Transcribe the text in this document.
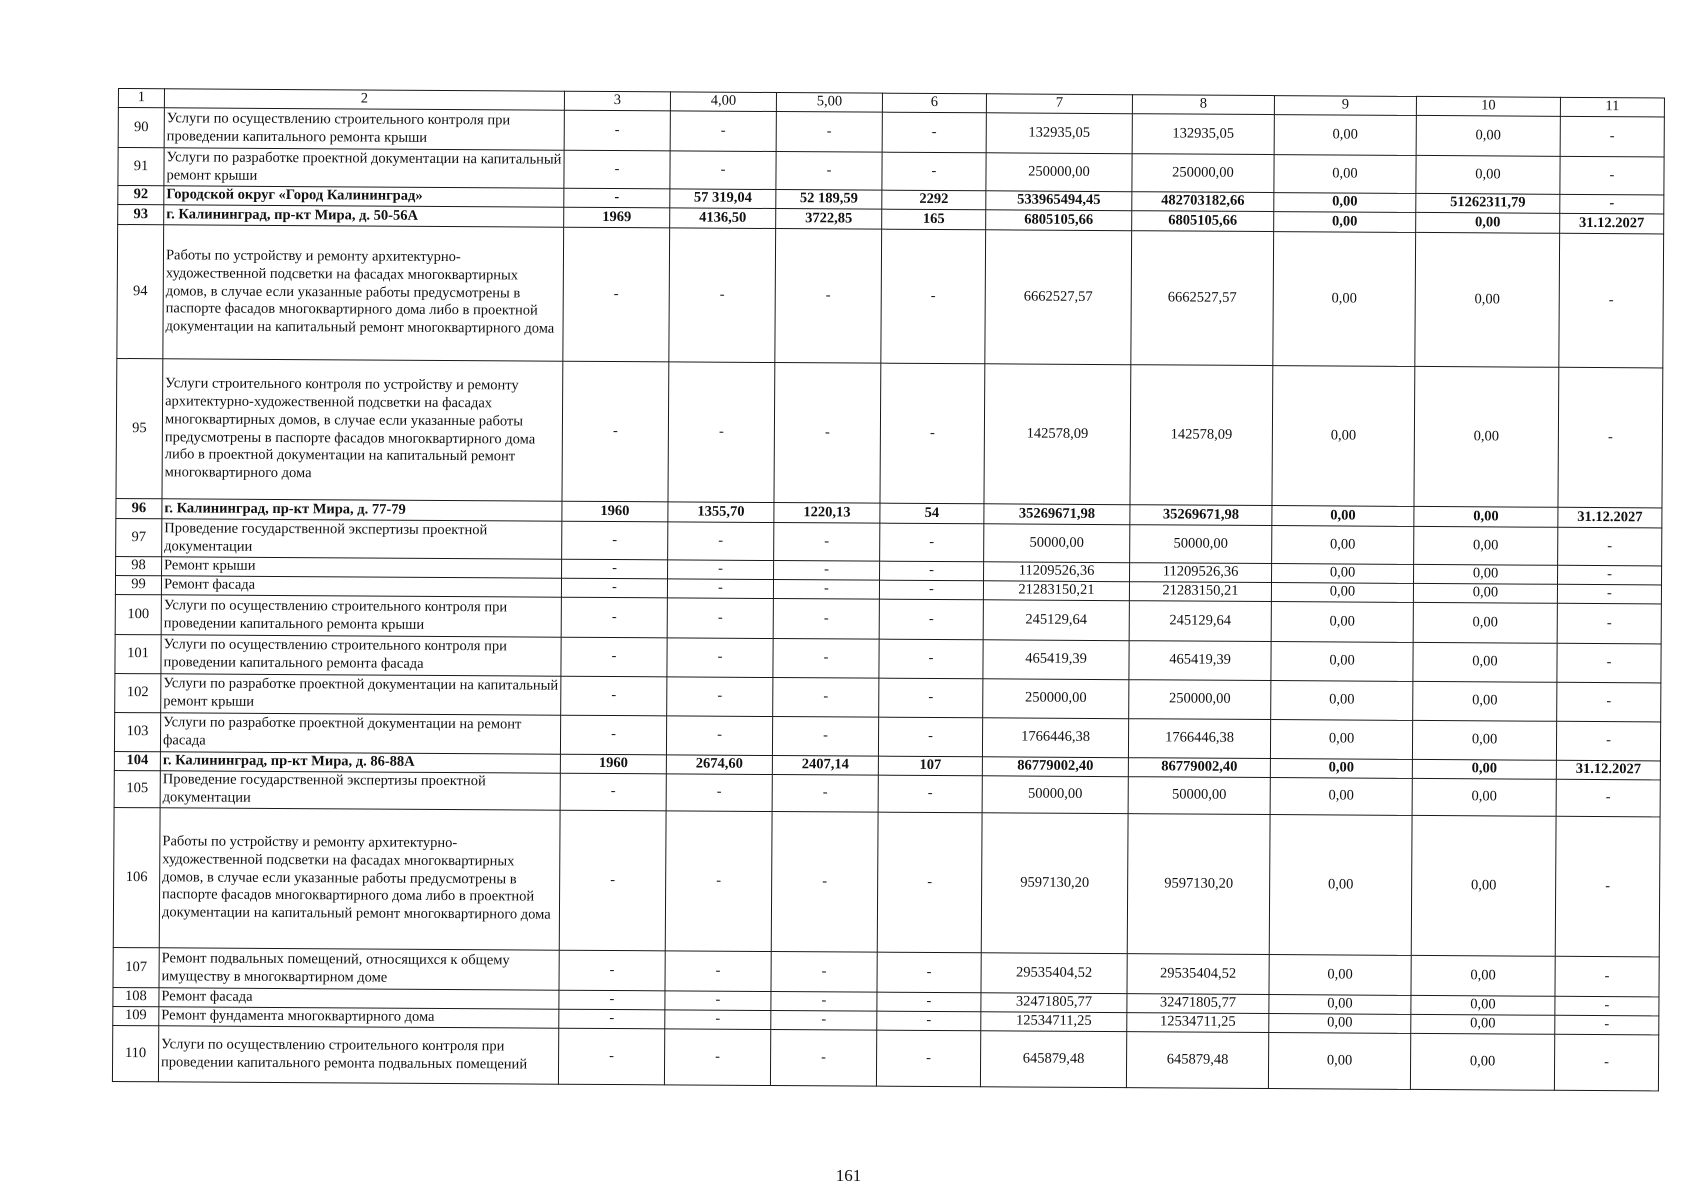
1	2	3	4,00	5,00	6	7	8	9	10	11
90	Услуги по осуществлению строительного контроля при проведении капитального ремонта крыши	-	-	-	-	132935,05	132935,05	0,00	0,00	-
91	Услуги по разработке проектной документации на капитальный ремонт крыши	-	-	-	-	250000,00	250000,00	0,00	0,00	-
92	Городской округ «Город Калининград»	-	57 319,04	52 189,59	2292	533965494,45	482703182,66	0,00	51262311,79	-
93	г. Калининград, пр-кт Мира, д. 50-56А	1969	4136,50	3722,85	165	6805105,66	6805105,66	0,00	0,00	31.12.2027
94	Работы по устройству и ремонту архитектурно-художественной подсветки на фасадах многоквартирных домов, в случае если указанные работы предусмотрены в паспорте фасадов многоквартирного дома либо в проектной документации на капитальный ремонт многоквартирного дома	-	-	-	-	6662527,57	6662527,57	0,00	0,00	-
95	Услуги строительного контроля по устройству и ремонту архитектурно-художественной подсветки на фасадах многоквартирных домов, в случае если указанные работы предусмотрены в паспорте фасадов многоквартирного дома либо в проектной документации на капитальный ремонт многоквартирного дома	-	-	-	-	142578,09	142578,09	0,00	0,00	-
96	г. Калининград, пр-кт Мира, д. 77-79	1960	1355,70	1220,13	54	35269671,98	35269671,98	0,00	0,00	31.12.2027
97	Проведение государственной экспертизы проектной документации	-	-	-	-	50000,00	50000,00	0,00	0,00	-
98	Ремонт крыши	-	-	-	-	11209526,36	11209526,36	0,00	0,00	-
99	Ремонт фасада	-	-	-	-	21283150,21	21283150,21	0,00	0,00	-
100	Услуги по осуществлению строительного контроля при проведении капитального ремонта крыши	-	-	-	-	245129,64	245129,64	0,00	0,00	-
101	Услуги по осуществлению строительного контроля при проведении капитального ремонта фасада	-	-	-	-	465419,39	465419,39	0,00	0,00	-
102	Услуги по разработке проектной документации на капитальный ремонт крыши	-	-	-	-	250000,00	250000,00	0,00	0,00	-
103	Услуги по разработке проектной документации на ремонт фасада	-	-	-	-	1766446,38	1766446,38	0,00	0,00	-
104	г. Калининград, пр-кт Мира, д. 86-88А	1960	2674,60	2407,14	107	86779002,40	86779002,40	0,00	0,00	31.12.2027
105	Проведение государственной экспертизы проектной документации	-	-	-	-	50000,00	50000,00	0,00	0,00	-
106	Работы по устройству и ремонту архитектурно-художественной подсветки на фасадах многоквартирных домов, в случае если указанные работы предусмотрены в паспорте фасадов многоквартирного дома либо в проектной документации на капитальный ремонт многоквартирного дома	-	-	-	-	9597130,20	9597130,20	0,00	0,00	-
107	Ремонт подвальных помещений, относящихся к общему имуществу в многоквартирном доме	-	-	-	-	29535404,52	29535404,52	0,00	0,00	-
108	Ремонт фасада	-	-	-	-	32471805,77	32471805,77	0,00	0,00	-
109	Ремонт фундамента многоквартирного дома	-	-	-	-	12534711,25	12534711,25	0,00	0,00	-
110	Услуги по осуществлению строительного контроля при проведении капитального ремонта подвальных помещений	-	-	-	-	645879,48	645879,48	0,00	0,00	-
161
